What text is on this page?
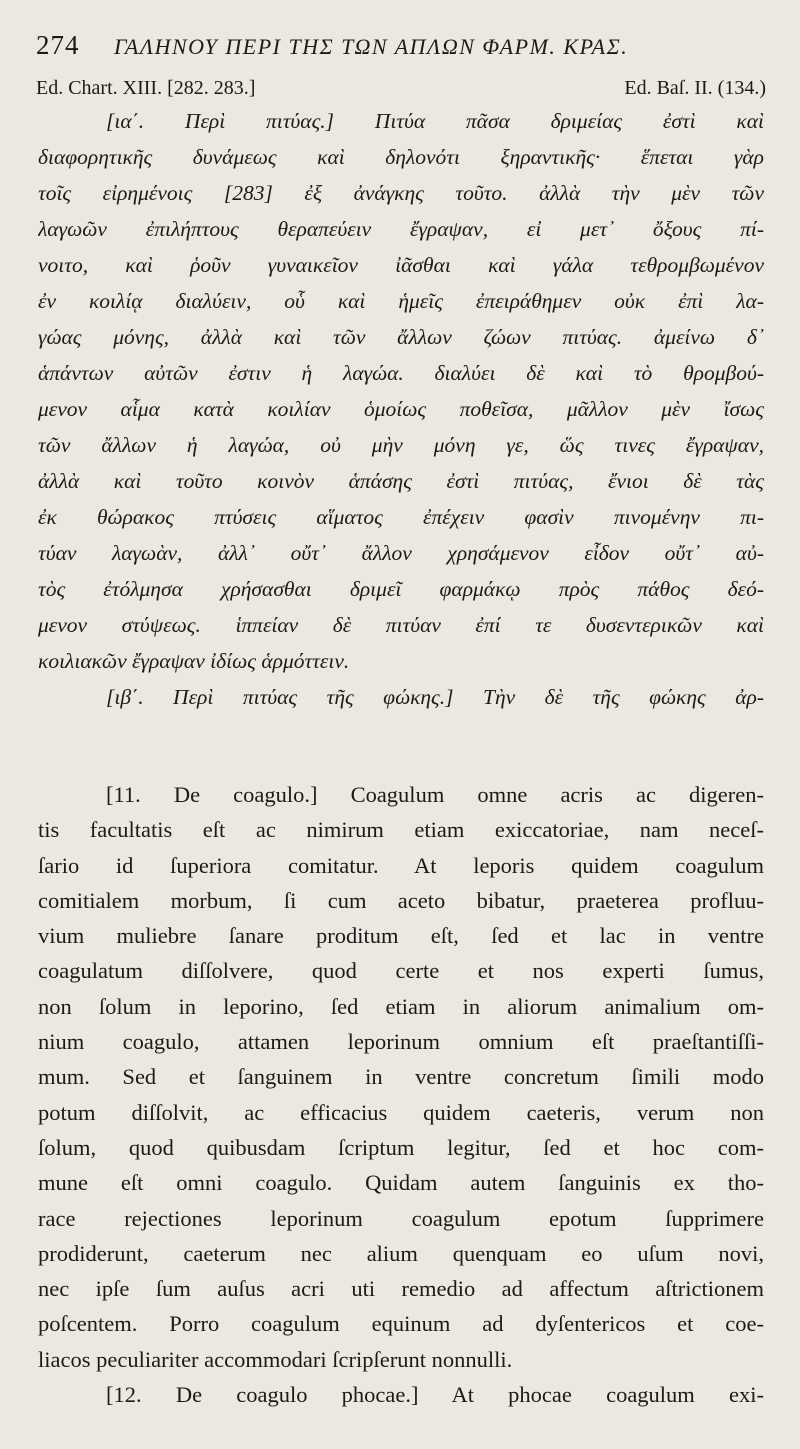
274 ΓΑΛΗΝΟΥ ΠΕΡΙ ΤΗΣ ΤΩΝ ΑΠΛΩΝ ΦΑΡΜ. ΚΡΑΣ.
Ed. Chart. XIII. [282. 283.]	Ed. Baſ. II. (134.)
[ια΄. Περὶ πιτύας.] Πιτύα πᾶσα δριμείας ἐστὶ καὶ
διαφορητικῆς δυνάμεως καὶ δηλονότι ξηραντικῆς· ἕπεται γὰρ
τοῖς εἰρημένοις [283] ἐξ ἀνάγκης τοῦτο. ἀλλὰ τὴν μὲν τῶν
λαγωῶν ἐπιλήπτους θεραπεύειν ἔγραψαν, εἰ μετ᾽ ὄξους πί-
νοιτο, καὶ ῥοῦν γυναικεῖον ἰᾶσθαι καὶ γάλα τεθρομβωμένον
ἐν κοιλίᾳ διαλύειν, οὗ καὶ ἡμεῖς ἐπειράθημεν οὐκ ἐπὶ λα-
γώας μόνης, ἀλλὰ καὶ τῶν ἄλλων ζώων πιτύας. ἀμείνω δ᾽
ἁπάντων αὐτῶν ἐστιν ἡ λαγώα. διαλύει δὲ καὶ τὸ θρομβού-
μενον αἷμα κατὰ κοιλίαν ὁμοίως ποθεῖσα, μᾶλλον μὲν ἴσως
τῶν ἄλλων ἡ λαγώα, οὐ μὴν μόνη γε, ὥς τινες ἔγραψαν,
ἀλλὰ καὶ τοῦτο κοινὸν ἁπάσης ἐστὶ πιτύας, ἔνιοι δὲ τὰς
ἐκ θώρακος πτύσεις αἵματος ἐπέχειν φασὶν πινομένην πι-
τύαν λαγωὰν, ἀλλ᾽ οὔτ᾽ ἄλλον χρησάμενον εἶδον οὔτ᾽ αὐ-
τὸς ἐτόλμησα χρήσασθαι δριμεῖ φαρμάκῳ πρὸς πάθος δεό-
μενον στύψεως. ἱππείαν δὲ πιτύαν ἐπί τε δυσεντερικῶν καὶ
κοιλιακῶν ἔγραψαν ἰδίως ἁρμόττειν.
[ιβ΄. Περὶ πιτύας τῆς φώκης.] Τὴν δὲ τῆς φώκης ἀρ-
[11. De coagulo.] Coagulum omne acris ac digeren-
tis facultatis eſt ac nimirum etiam exiccatoriae, nam neceſ-
ſario id ſuperiora comitatur. At leporis quidem coagulum
comitialem morbum, ſi cum aceto bibatur, praeterea profluu-
vium muliebre ſanare proditum eſt, ſed et lac in ventre
coagulatum diſſolvere, quod certe et nos experti ſumus,
non ſolum in leporino, ſed etiam in aliorum animalium om-
nium coagulo, attamen leporinum omnium eſt praeſtantiſſi-
mum. Sed et ſanguinem in ventre concretum ſimili modo
potum diſſolvit, ac efficacius quidem caeteris, verum non
ſolum, quod quibusdam ſcriptum legitur, ſed et hoc com-
mune eſt omni coagulo. Quidam autem ſanguinis ex tho-
race rejectiones leporinum coagulum epotum ſupprimere
prodiderunt, caeterum nec alium quenquam eo uſum novi,
nec ipſe ſum auſus acri uti remedio ad affectum aſtrictionem
poſcentem. Porro coagulum equinum ad dyſentericos et coe-
liacos peculiariter accommodari ſcripſerunt nonnulli.
[12. De coagulo phocae.] At phocae coagulum exi-
